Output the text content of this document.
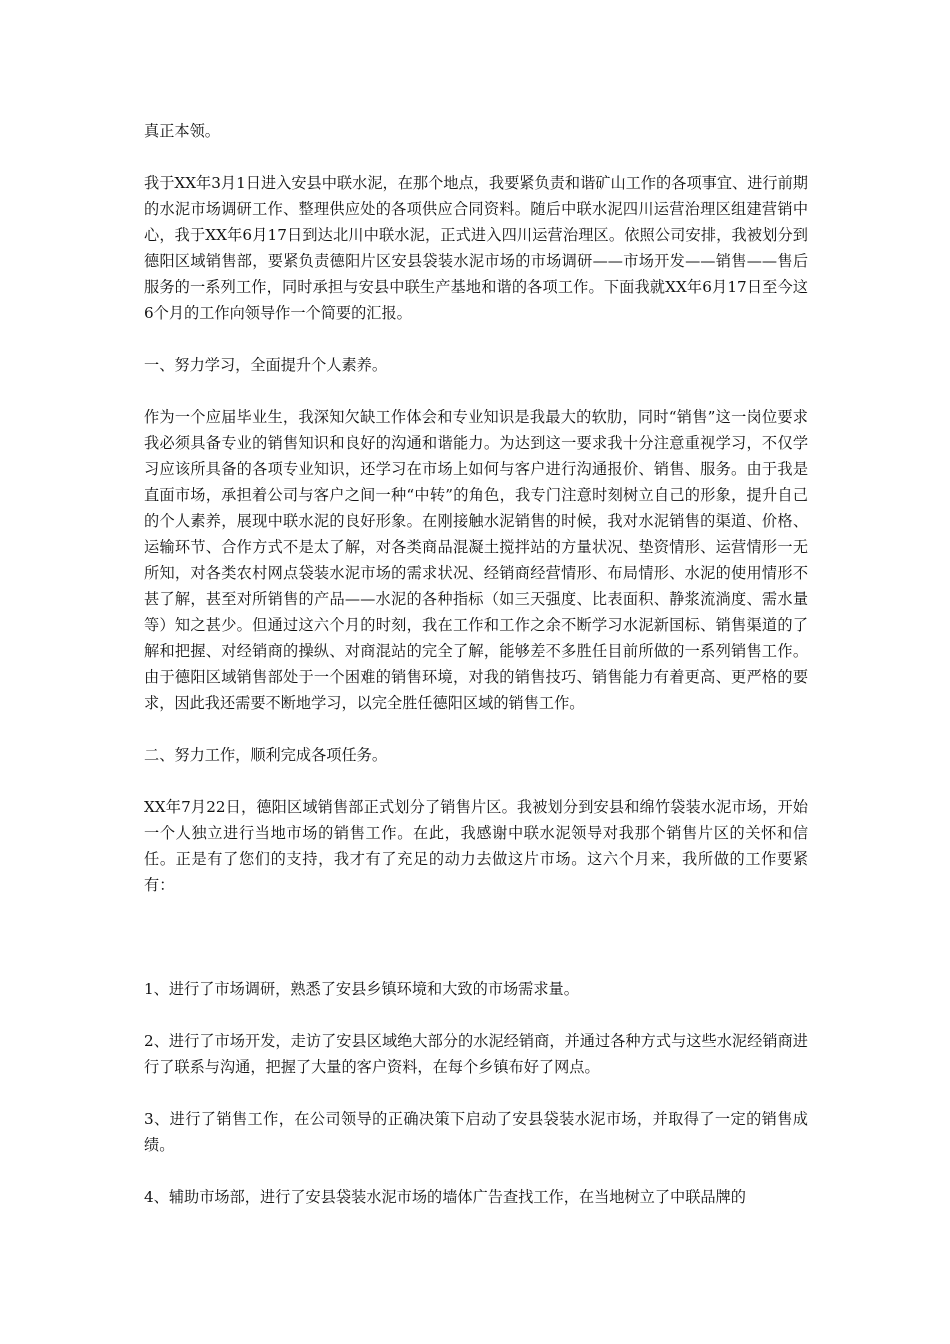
真正本领。

我于XX年3月1日进入安县中联水泥，在那个地点，我要紧负责和谐矿山工作的各项事宜、进行前期的水泥市场调研工作、整理供应处的各项供应合同资料。随后中联水泥四川运营治理区组建营销中心，我于XX年6月17日到达北川中联水泥，正式进入四川运营治理区。依照公司安排，我被划分到德阳区域销售部，要紧负责德阳片区安县袋装水泥市场的市场调研——市场开发——销售——售后服务的一系列工作，同时承担与安县中联生产基地和谐的各项工作。下面我就XX年6月17日至今这6个月的工作向领导作一个简要的汇报。

一、努力学习，全面提升个人素养。

作为一个应届毕业生，我深知欠缺工作体会和专业知识是我最大的软肋，同时“销售”这一岗位要求我必须具备专业的销售知识和良好的沟通和谐能力。为达到这一要求我十分注意重视学习，不仅学习应该所具备的各项专业知识，还学习在市场上如何与客户进行沟通报价、销售、服务。由于我是直面市场，承担着公司与客户之间一种“中转”的角色，我专门注意时刻树立自己的形象，提升自己的个人素养，展现中联水泥的良好形象。在刚接触水泥销售的时候，我对水泥销售的渠道、价格、运输环节、合作方式不是太了解，对各类商品混凝土搅拌站的方量状况、垫资情形、运营情形一无所知，对各类农村网点袋装水泥市场的需求状况、经销商经营情形、布局情形、水泥的使用情形不甚了解，甚至对所销售的产品——水泥的各种指标（如三天强度、比表面积、静浆流淌度、需水量等）知之甚少。但通过这六个月的时刻，我在工作和工作之余不断学习水泥新国标、销售渠道的了解和把握、对经销商的操纵、对商混站的完全了解，能够差不多胜任目前所做的一系列销售工作。由于德阳区域销售部处于一个困难的销售环境，对我的销售技巧、销售能力有着更高、更严格的要求，因此我还需要不断地学习，以完全胜任德阳区域的销售工作。

二、努力工作，顺利完成各项任务。

XX年7月22日，德阳区域销售部正式划分了销售片区。我被划分到安县和绵竹袋装水泥市场，开始一个人独立进行当地市场的销售工作。在此，我感谢中联水泥领导对我那个销售片区的关怀和信任。正是有了您们的支持，我才有了充足的动力去做这片市场。这六个月来，我所做的工作要紧有：

1、进行了市场调研，熟悉了安县乡镇环境和大致的市场需求量。

2、进行了市场开发，走访了安县区域绝大部分的水泥经销商，并通过各种方式与这些水泥经销商进行了联系与沟通，把握了大量的客户资料，在每个乡镇布好了网点。

3、进行了销售工作，在公司领导的正确决策下启动了安县袋装水泥市场，并取得了一定的销售成绩。

4、辅助市场部，进行了安县袋装水泥市场的墙体广告查找工作，在当地树立了中联品牌的
